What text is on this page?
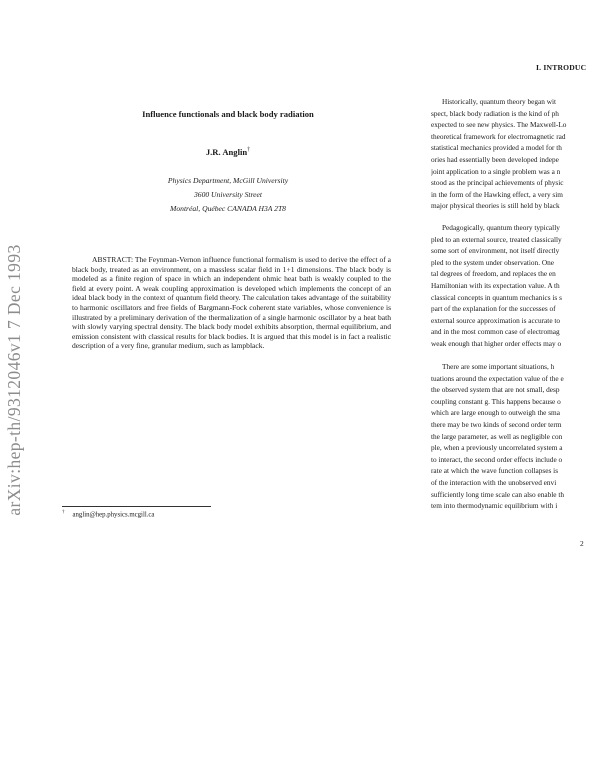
arXiv:hep-th/9312046v1 7 Dec 1993
Influence functionals and black body radiation
J.R. Anglin†
Physics Department, McGill University
3600 University Street
Montréal, Québec CANADA H3A 2T8

ABSTRACT: The Feynman-Vernon influence functional formalism is used to derive the effect of a black body, treated as an environment, on a massless scalar field in 1+1 dimensions. The black body is modeled as a finite region of space in which an independent ohmic heat bath is weakly coupled to the field at every point. A weak coupling approximation is developed which implements the concept of an ideal black body in the context of quantum field theory. The calculation takes advantage of the suitability to harmonic oscillators and free fields of Bargmann-Fock coherent state variables, whose convenience is illustrated by a preliminary derivation of the thermalization of a single harmonic oscillator by a heat bath with slowly varying spectral density. The black body model exhibits absorption, thermal equilibrium, and emission consistent with classical results for black bodies. It is argued that this model is in fact a realistic description of a very fine, granular medium, such as lampblack.

† anglin@hep.physics.mcgill.ca
I. INTRODUC
Historically, quantum theory began wit
spect, black body radiation is the kind of ph
expected to see new physics. The Maxwell-Lo
theoretical framework for electromagnetic rad
statistical mechanics provided a model for th
ories had essentially been developed indepe
joint application to a single problem was a n
stood as the principal achievements of physic
in the form of the Hawking effect, a very sim
major physical theories is still held by black
Pedagogically, quantum theory typically
pled to an external source, treated classically
some sort of environment, not itself directly
pled to the system under observation. One
tal degrees of freedom, and replaces the en
Hamiltonian with its expectation value. A th
classical concepts in quantum mechanics is s
part of the explanation for the successes of
external source approximation is accurate to
and in the most common case of electromag
weak enough that higher order effects may o
There are some important situations, h
tuations around the expectation value of the e
the observed system that are not small, desp
coupling constant g. This happens because o
which are large enough to outweigh the sma
there may be two kinds of second order term
the large parameter, as well as negligible con
ple, when a previously uncorrelated system a
to interact, the second order effects include o
rate at which the wave function collapses is
of the interaction with the unobserved envi
sufficiently long time scale can also enable th
tem into thermodynamic equilibrium with i
2
